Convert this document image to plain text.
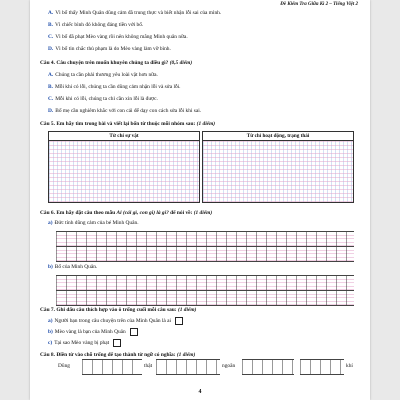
Đề Kiểm Tra Giữa Kì 2 – Tiếng Việt 2
A. Vì bố thấy Minh Quân dũng cảm đã trung thực và biết nhận lỗi sai của mình.
B. Vì chiếc bình đó không đáng tiền với bố.
C. Vì bố đã phạt Mèo vàng rồi nên không mắng Minh quân nữa.
D. Vì bố tin chắc thủ phạm là do Mèo vàng làm vỡ bình.
Câu 4. Câu chuyện trên muốn khuyên chúng ta điều gì? (0,5 điểm)
A. Chúng ta cần phải thương yêu loài vật hơn nữa.
B. Mỗi khi có lỗi, chúng ta cần dũng cảm nhận lỗi và sửa lỗi.
C. Mỗi khi có lỗi, chúng ta chỉ cần xin lỗi là được.
D. Bố mẹ cần nghiêm khắc với con cái để dạy con cách sửa lỗi khi sai.
Câu 5. Em hãy tìm trong bài và viết lại bốn từ thuộc mỗi nhóm sau: (1 điểm)
Từ chỉ sự vật	Từ chỉ hoạt động, trạng thái
Câu 6. Em hãy đặt câu theo mẫu Ai (cái gì, con gì) là gì? để nói về: (1 điểm)
a) Đức tính dũng cảm của bé Minh Quân.
b) Bố của Minh Quân.
Câu 7. Ghi dấu câu thích hợp vào ô trống cuối mỗi câu sau: (1 điểm)
a) Người bạn trong câu chuyện trên của Minh Quân là ai
b) Mèo vàng là bạn của Minh Quân
c) Tại sao Mèo vàng bị phạt
Câu 8. Điền từ vào chỗ trống để tạo thành từ ngữ có nghĩa: (1 điểm)
Dũng	thật	ngoãn	khí
4
